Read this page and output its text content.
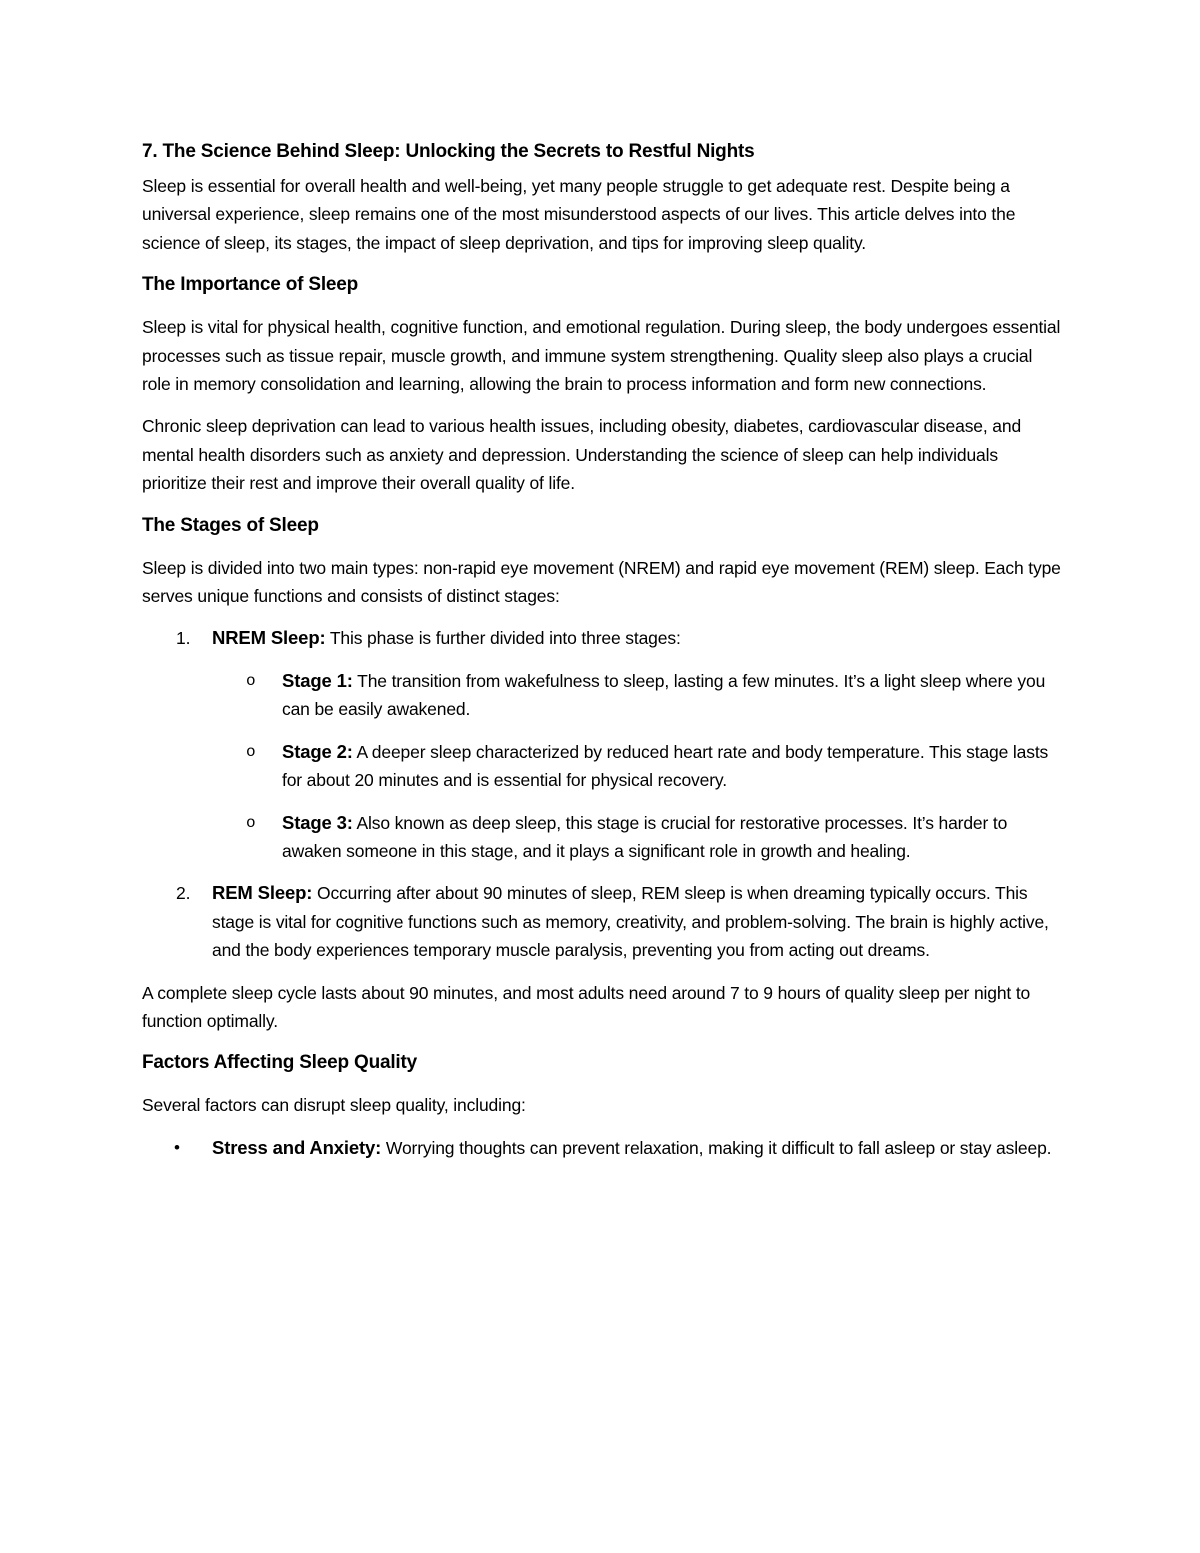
7. The Science Behind Sleep: Unlocking the Secrets to Restful Nights

Sleep is essential for overall health and well-being, yet many people struggle to get adequate rest. Despite being a universal experience, sleep remains one of the most misunderstood aspects of our lives. This article delves into the science of sleep, its stages, the impact of sleep deprivation, and tips for improving sleep quality.

The Importance of Sleep

Sleep is vital for physical health, cognitive function, and emotional regulation. During sleep, the body undergoes essential processes such as tissue repair, muscle growth, and immune system strengthening. Quality sleep also plays a crucial role in memory consolidation and learning, allowing the brain to process information and form new connections.

Chronic sleep deprivation can lead to various health issues, including obesity, diabetes, cardiovascular disease, and mental health disorders such as anxiety and depression. Understanding the science of sleep can help individuals prioritize their rest and improve their overall quality of life.

The Stages of Sleep

Sleep is divided into two main types: non-rapid eye movement (NREM) and rapid eye movement (REM) sleep. Each type serves unique functions and consists of distinct stages:

1. NREM Sleep: This phase is further divided into three stages:
o Stage 1: The transition from wakefulness to sleep, lasting a few minutes. It’s a light sleep where you can be easily awakened.
o Stage 2: A deeper sleep characterized by reduced heart rate and body temperature. This stage lasts for about 20 minutes and is essential for physical recovery.
o Stage 3: Also known as deep sleep, this stage is crucial for restorative processes. It’s harder to awaken someone in this stage, and it plays a significant role in growth and healing.
2. REM Sleep: Occurring after about 90 minutes of sleep, REM sleep is when dreaming typically occurs. This stage is vital for cognitive functions such as memory, creativity, and problem-solving. The brain is highly active, and the body experiences temporary muscle paralysis, preventing you from acting out dreams.

A complete sleep cycle lasts about 90 minutes, and most adults need around 7 to 9 hours of quality sleep per night to function optimally.

Factors Affecting Sleep Quality

Several factors can disrupt sleep quality, including:

• Stress and Anxiety: Worrying thoughts can prevent relaxation, making it difficult to fall asleep or stay asleep.
